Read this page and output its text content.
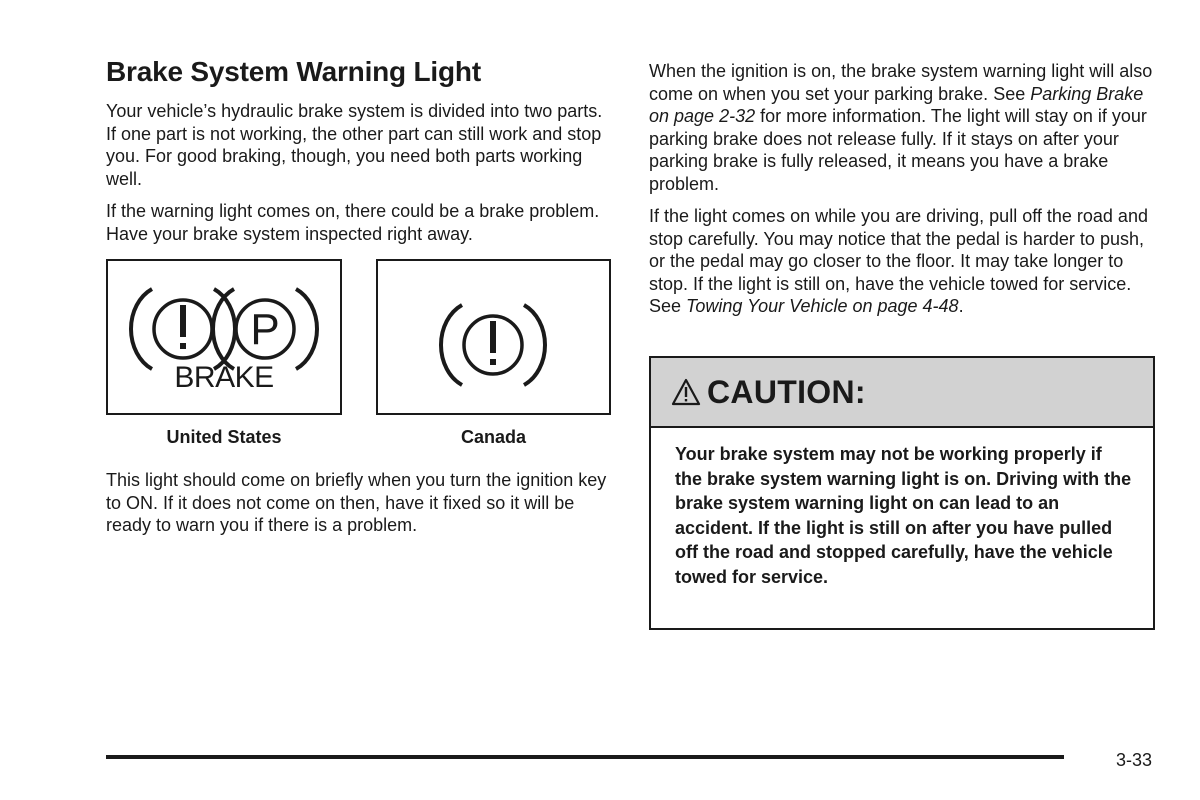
Brake System Warning Light

Your vehicle’s hydraulic brake system is divided into two parts. If one part is not working, the other part can still work and stop you. For good braking, though, you need both parts working well.

If the warning light comes on, there could be a brake problem. Have your brake system inspected right away.

P
BRAKE
United States	Canada

This light should come on briefly when you turn the ignition key to ON. If it does not come on then, have it fixed so it will be ready to warn you if there is a problem.

When the ignition is on, the brake system warning light will also come on when you set your parking brake. See Parking Brake on page 2-32 for more information. The light will stay on if your parking brake does not release fully. If it stays on after your parking brake is fully released, it means you have a brake problem.

If the light comes on while you are driving, pull off the road and stop carefully. You may notice that the pedal is harder to push, or the pedal may go closer to the floor. It may take longer to stop. If the light is still on, have the vehicle towed for service. See Towing Your Vehicle on page 4-48.

CAUTION:
Your brake system may not be working properly if the brake system warning light is on. Driving with the brake system warning light on can lead to an accident. If the light is still on after you have pulled off the road and stopped carefully, have the vehicle towed for service.
3-33
